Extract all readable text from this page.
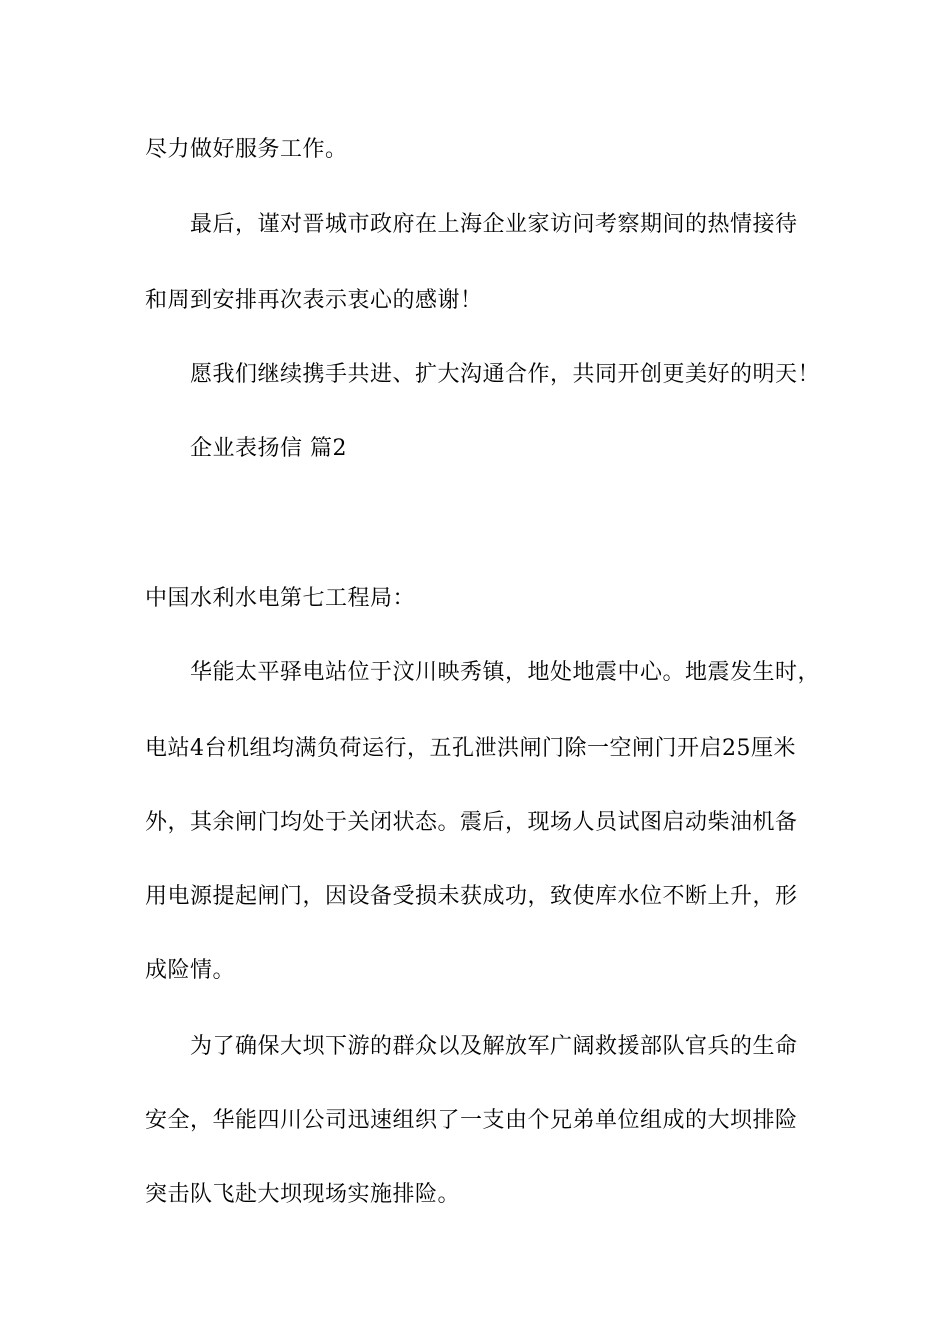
尽力做好服务工作。
最后，谨对晋城市政府在上海企业家访问考察期间的热情接待
和周到安排再次表示衷心的感谢！
愿我们继续携手共进、扩大沟通合作，共同开创更美好的明天！
企业表扬信 篇2
中国水利水电第七工程局：
华能太平驿电站位于汶川映秀镇，地处地震中心。地震发生时，
电站4台机组均满负荷运行，五孔泄洪闸门除一空闸门开启25厘米
外，其余闸门均处于关闭状态。震后，现场人员试图启动柴油机备
用电源提起闸门，因设备受损未获成功，致使库水位不断上升，形
成险情。
为了确保大坝下游的群众以及解放军广阔救援部队官兵的生命
安全，华能四川公司迅速组织了一支由个兄弟单位组成的大坝排险
突击队飞赴大坝现场实施排险。
